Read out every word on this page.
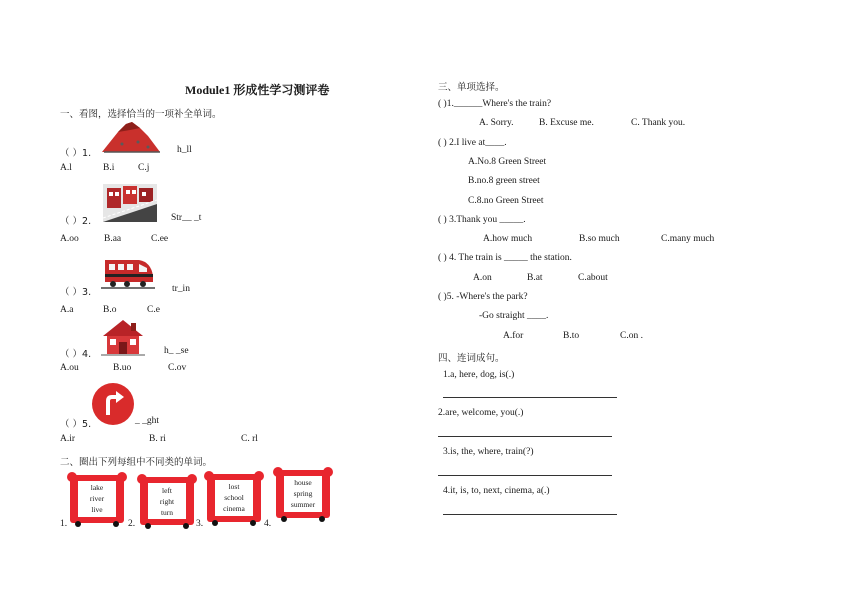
Module1 形成性学习测评卷
一、看图，选择恰当的一项补全单词。
（ ）1.	h_ll
A.l	B.i C.j
（ ）2.	Str__ _t
A.oo	B.aa	C.ee
（ ）3.	tr_in
A.a	B.o	C.e
（ ）4.	h_ _se
A.ou	B.uo	C.ov
（ ）5.	_ _ght
A.ir	B. ri	C. rl
二、圈出下列每组中不同类的单词。
lake
river
live
left
right
turn
lost
school
cinema
house
spring
summer
1.	2.	3.	4.
三、单项选择。
( )1.______Where's the train?
A. Sorry.	B. Excuse me.	C. Thank you.
( ) 2.I live at____.
A.No.8 Green Street
B.no.8 green street
C.8.no Green Street
( ) 3.Thank you _____.
A.how much	B.so much	C.many much
( ) 4. The train is _____ the station.
A.on	B.at	C.about
( )5. -Where's the park?
-Go straight ____.
A.for	B.to	C.on .
四、连词成句。
1.a, here, dog, is(.)
2.are, welcome, you(.)
3.is, the, where, train(?)
4.it, is, to, next, cinema, a(.)
